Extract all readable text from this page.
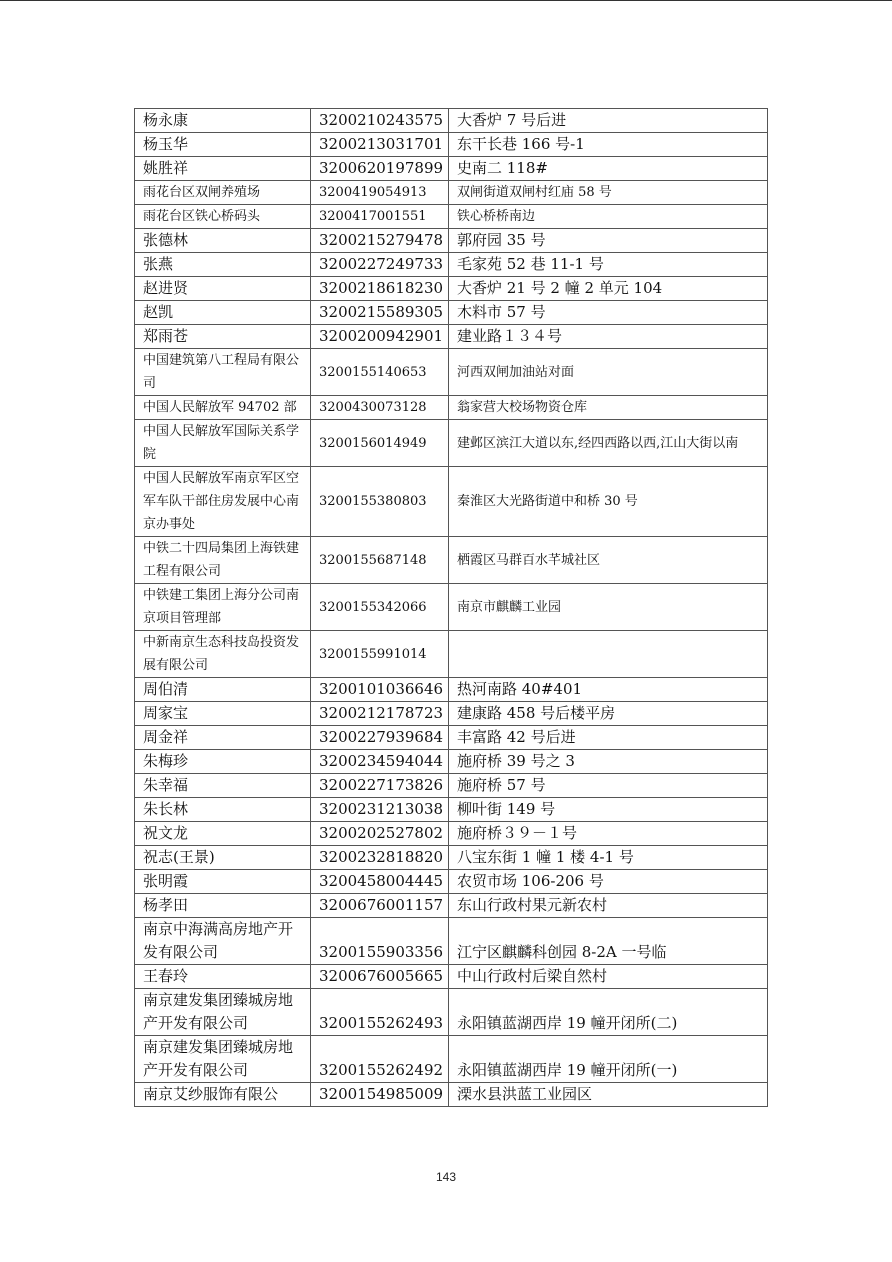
杨永康	3200210243575	大香炉 7 号后进
杨玉华	3200213031701	东干长巷 166 号-1
姚胜祥	3200620197899	史南二 118#
雨花台区双闸养殖场	3200419054913	双闸街道双闸村红庙 58 号
雨花台区铁心桥码头	3200417001551	铁心桥桥南边
张德林	3200215279478	郭府园 35 号
张燕	3200227249733	毛家苑 52 巷 11-1 号
赵进贤	3200218618230	大香炉 21 号 2 幢 2 单元 104
赵凯	3200215589305	木料市 57 号
郑雨苍	3200200942901	建业路１３４号
中国建筑第八工程局有限公司	3200155140653	河西双闸加油站对面
中国人民解放军 94702 部	3200430073128	翁家营大校场物资仓库
中国人民解放军国际关系学院	3200156014949	建邺区滨江大道以东,经四西路以西,江山大街以南
中国人民解放军南京军区空军车队干部住房发展中心南京办事处	3200155380803	秦淮区大光路街道中和桥 30 号
中铁二十四局集团上海铁建工程有限公司	3200155687148	栖霞区马群百水芊城社区
中铁建工集团上海分公司南京项目管理部	3200155342066	南京市麒麟工业园
中新南京生态科技岛投资发展有限公司	3200155991014	
周伯清	3200101036646	热河南路 40#401
周家宝	3200212178723	建康路 458 号后楼平房
周金祥	3200227939684	丰富路 42 号后进
朱梅珍	3200234594044	施府桥 39 号之 3
朱幸福	3200227173826	施府桥 57 号
朱长林	3200231213038	柳叶街 149 号
祝文龙	3200202527802	施府桥３９－１号
祝志(王景)	3200232818820	八宝东街 1 幢 1 楼 4-1 号
张明霞	3200458004445	农贸市场 106-206 号
杨孝田	3200676001157	东山行政村果元新农村
南京中海满高房地产开发有限公司	3200155903356	江宁区麒麟科创园 8-2A 一号临
王春玲	3200676005665	中山行政村后梁自然村
南京建发集团臻城房地产开发有限公司	3200155262493	永阳镇蓝湖西岸 19 幢开闭所(二)
南京建发集团臻城房地产开发有限公司	3200155262492	永阳镇蓝湖西岸 19 幢开闭所(一)
南京艾纱服饰有限公	3200154985009	溧水县洪蓝工业园区
143
